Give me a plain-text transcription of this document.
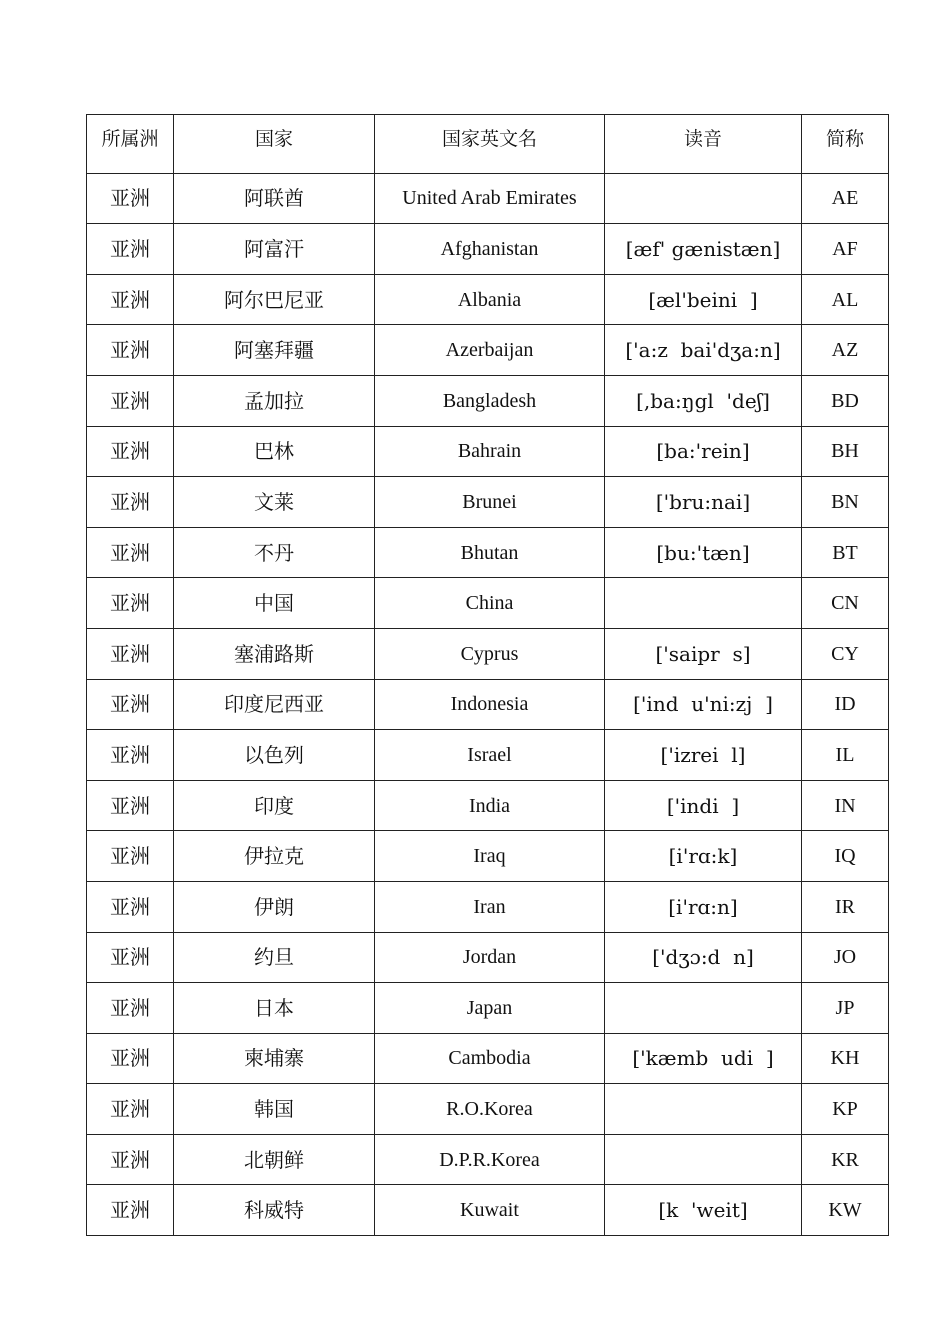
所属洲	国家	国家英文名	读音	简称
亚洲	阿联酋	United Arab Emirates		AE
亚洲	阿富汗	Afghanistan	[æf' gænistæn]	AF
亚洲	阿尔巴尼亚	Albania	[æl'beini  ]	AL
亚洲	阿塞拜疆	Azerbaijan	['a:z  bai'dʒa:n]	AZ
亚洲	孟加拉	Bangladesh	[,ba:ŋgl  'deʃ]	BD
亚洲	巴林	Bahrain	[ba:'rein]	BH
亚洲	文莱	Brunei	['bru:nai]	BN
亚洲	不丹	Bhutan	[bu:'tæn]	BT
亚洲	中国	China		CN
亚洲	塞浦路斯	Cyprus	['saipr  s]	CY
亚洲	印度尼西亚	Indonesia	['ind  u'ni:zj  ]	ID
亚洲	以色列	Israel	['izrei  l]	IL
亚洲	印度	India	['indi  ]	IN
亚洲	伊拉克	Iraq	[i'rɑ:k]	IQ
亚洲	伊朗	Iran	[i'rɑ:n]	IR
亚洲	约旦	Jordan	['dʒɔ:d  n]	JO
亚洲	日本	Japan		JP
亚洲	柬埔寨	Cambodia	['kæmb  udi  ]	KH
亚洲	韩国	R.O.Korea		KP
亚洲	北朝鲜	D.P.R.Korea		KR
亚洲	科威特	Kuwait	[k  'weit]	KW
